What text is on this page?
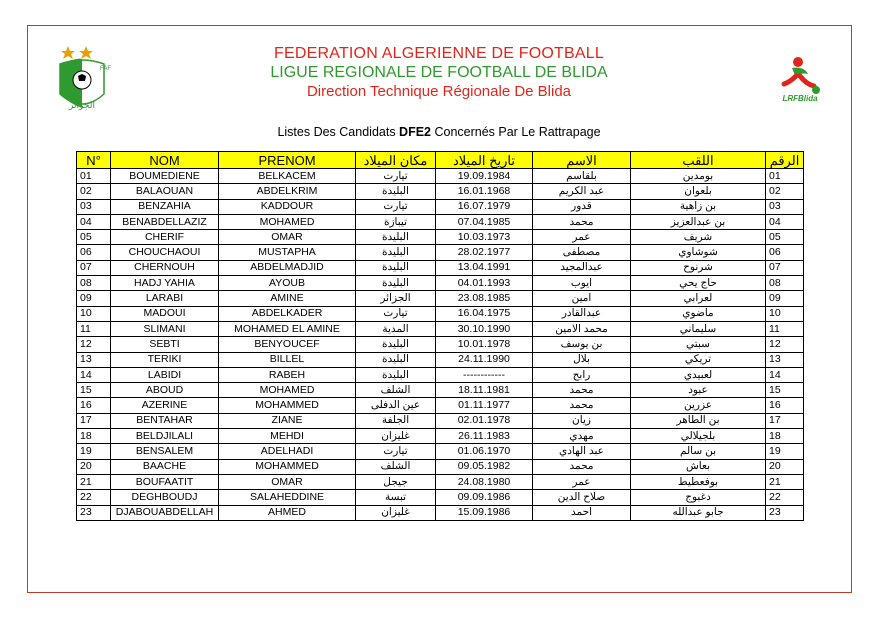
FAF
الجزائر
LRFBlida
FEDERATION ALGERIENNE DE FOOTBALL
LIGUE REGIONALE DE FOOTBALL DE BLIDA
Direction Technique Régionale De Blida
Listes Des Candidats DFE2 Concernés Par Le Rattrapage
N°	NOM	PRENOM	مكان الميلاد	تاريخ الميلاد	الاسم	اللقب	الرقم
01	BOUMEDIENE	BELKACEM	تيارت	19.09.1984	بلقاسم	بومدين	01
02	BALAOUAN	ABDELKRIM	البليدة	16.01.1968	عبد الكريم	بلعوان	02
03	BENZAHIA	KADDOUR	تيارت	16.07.1979	قدور	بن زاهية	03
04	BENABDELLAZIZ	MOHAMED	تيبازة	07.04.1985	محمد	بن عبدالعزيز	04
05	CHERIF	OMAR	البليدة	10.03.1973	عمر	شريف	05
06	CHOUCHAOUI	MUSTAPHA	البليدة	28.02.1977	مصطفى	شوشاوي	06
07	CHERNOUH	ABDELMADJID	البليدة	13.04.1991	عبدالمجيد	شرنوح	07
08	HADJ YAHIA	AYOUB	البليدة	04.01.1993	ايوب	حاج يحي	08
09	LARABI	AMINE	الجزائر	23.08.1985	امين	لعرابي	09
10	MADOUI	ABDELKADER	تيارت	16.04.1975	عبدالقادر	ماضوي	10
11	SLIMANI	MOHAMED EL AMINE	المدية	30.10.1990	محمد الامين	سليماني	11
12	SEBTI	BENYOUCEF	البليدة	10.01.1978	بن يوسف	سبتي	12
13	TERIKI	BILLEL	البليدة	24.11.1990	بلال	تريكي	13
14	LABIDI	RABEH	البليدة	------------	رابح	لعبيدي	14
15	ABOUD	MOHAMED	الشلف	18.11.1981	محمد	عبود	15
16	AZERINE	MOHAMMED	عين الدفلى	01.11.1977	محمد	عزرين	16
17	BENTAHAR	ZIANE	الجلفة	02.01.1978	زيان	بن الطاهر	17
18	BELDJILALI	MEHDI	غليزان	26.11.1983	مهدي	بلجيلالي	18
19	BENSALEM	ADELHADI	تيارت	01.06.1970	عبد الهادي	بن سالم	19
20	BAACHE	MOHAMMED	الشلف	09.05.1982	محمد	بعاش	20
21	BOUFAATIT	OMAR	جيجل	24.08.1980	عمر	بوفعطيط	21
22	DEGHBOUDJ	SALAHEDDINE	تبسة	09.09.1986	صلاح الدين	دغبوج	22
23	DJABOUABDELLAH	AHMED	غليزان	15.09.1986	احمد	جابو عبدالله	23
